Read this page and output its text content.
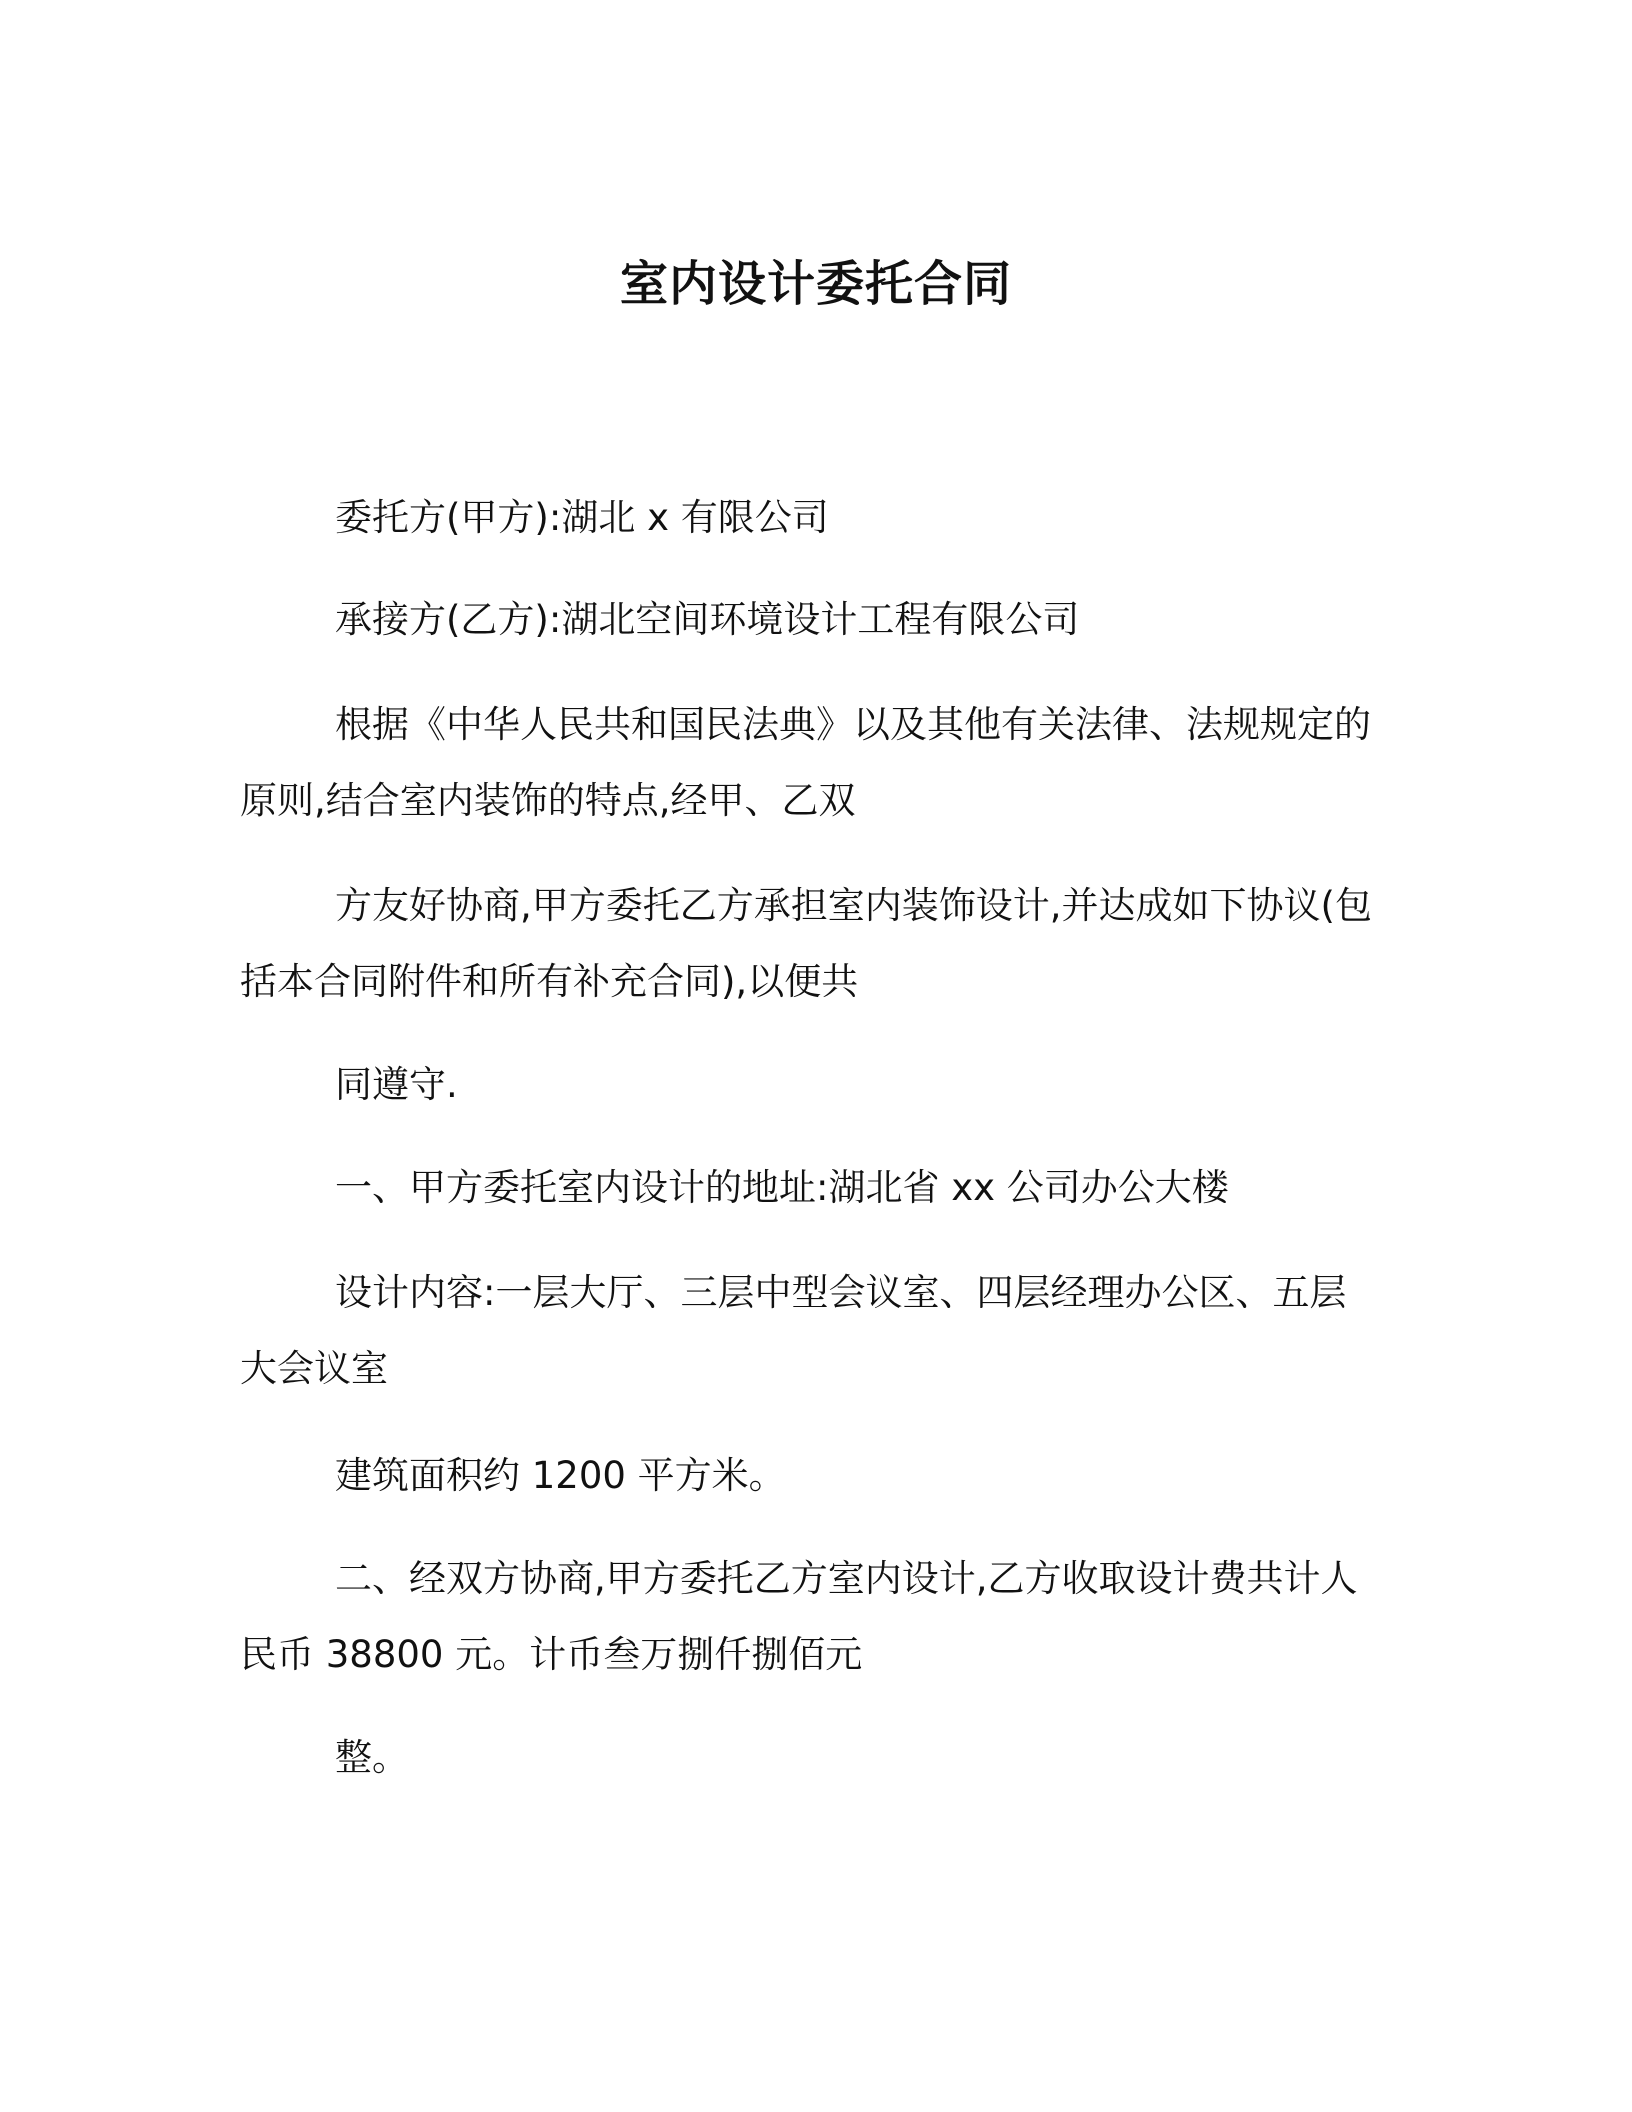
室内设计委托合同

委托方(甲方):湖北 x 有限公司

承接方(乙方):湖北空间环境设计工程有限公司

根据《中华人民共和国民法典》以及其他有关法律、法规规定的
原则,结合室内装饰的特点,经甲、乙双

方友好协商,甲方委托乙方承担室内装饰设计,并达成如下协议(包
括本合同附件和所有补充合同),以便共

同遵守.

一、甲方委托室内设计的地址:湖北省 xx 公司办公大楼

设计内容:一层大厅、三层中型会议室、四层经理办公区、五层
大会议室

建筑面积约 1200 平方米。

二、经双方协商,甲方委托乙方室内设计,乙方收取设计费共计人
民币 38800 元。计币叁万捌仟捌佰元

整。
